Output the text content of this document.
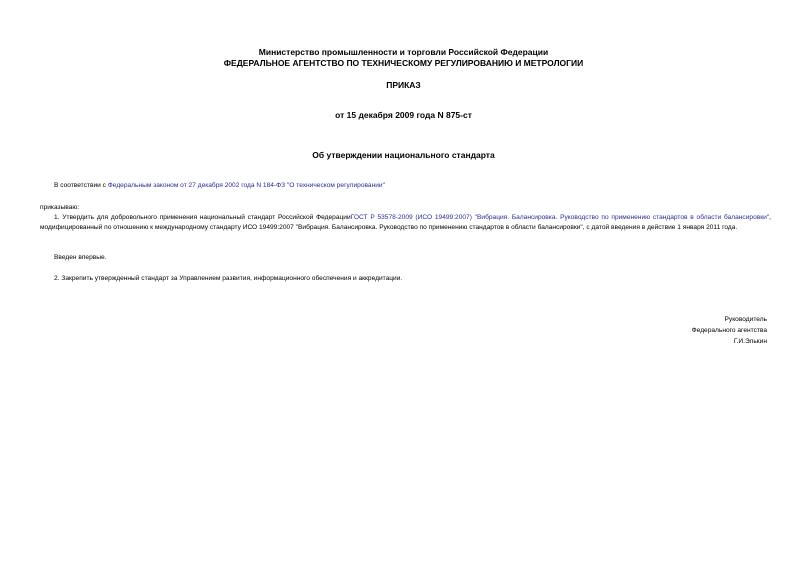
Министерство промышленности и торговли Российской Федерации
ФЕДЕРАЛЬНОЕ АГЕНТСТВО ПО ТЕХНИЧЕСКОМУ РЕГУЛИРОВАНИЮ И МЕТРОЛОГИИ
ПРИКАЗ
от 15 декабря 2009 года N 875-ст
Об утверждении национального стандарта
В соответствии с Федеральным законом от 27 декабря 2002 года N 184-ФЗ "О техническом регулировании"
приказываю:
1. Утвердить для добровольного применения национальный стандарт Российской ФедерацииГОСТ Р 53578-2009 (ИСО 19499:2007) "Вибрация. Балансировка. Руководство по применению стандартов в области балансировки", модифицированный по отношению к международному стандарту ИСО 19499:2007 "Вибрация. Балансировка. Руководство по применению стандартов в области балансировки", с датой введения в действие 1 января 2011 года.
Введен впервые.
2. Закрепить утвержденный стандарт за Управлением развития, информационного обеспечения и аккредитации.
Руководитель
Федерального агентства
Г.И.Элькин
